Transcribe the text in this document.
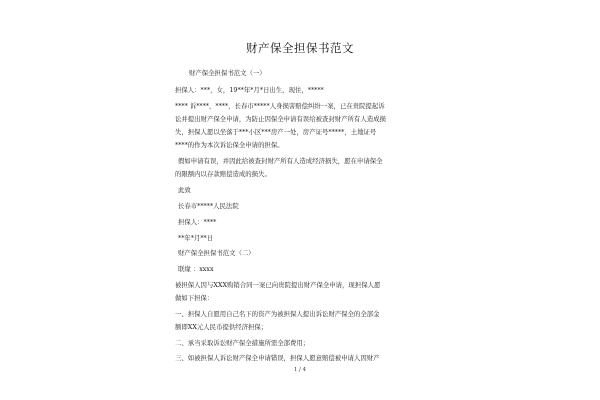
财产保全担保书范文
财产保全担保书范文（一）
担保人：***，女，19**年*月*日出生，现住，*****
**** 诉****，****，长春市*****人身损害赔偿纠纷一案，已在贵院提起诉
讼并提出财产保全申请，为防止因保全申请有误给被查封财产所有人造成损
失，担保人愿以坐落于***小区***房产一处，房产证号*****，土地证号
****的作为本次诉讼保全申请的担保。
假如申请有误，并因此给被查封财产所有人造成经济损失，愿在申请保全
的限额内以存款赔偿造成的损失。
此致
长春市*****人民法院
担保人：****
**年*月**日
财产保全担保书范文（二）
联缘 ：xxxx
被担保人因与XXX购销合同一案已向贵院提出财产保全申请，现担保人愿
做如下担保：
一、担保人自愿用自己名下的资产为被担保人提出诉讼财产保全的全部金
额即XX元人民币提供经济担保；
二、承当采取诉讼财产保全措施所需全部费用；
三、如被担保人诉讼财产保全申请错误，担保人愿意赔偿被申请人因财产
1 / 4
